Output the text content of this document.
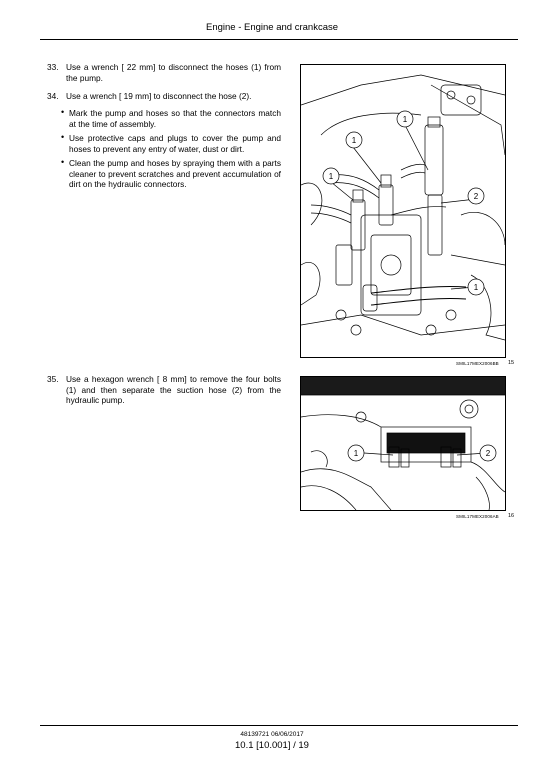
Engine - Engine and crankcase
33. Use a wrench [ 22 mm] to disconnect the hoses (1) from the pump.
34. Use a wrench [ 19 mm] to disconnect the hose (2).
• Mark the pump and hoses so that the connectors match at the time of assembly.
• Use protective caps and plugs to cover the pump and hoses to prevent any entry of water, dust or dirt.
• Clean the pump and hoses by spraying them with a parts cleaner to prevent scratches and prevent accumulation of dirt on the hydraulic connectors.
1
1
1
2
1
SMIL17MEX2006BB 15
35. Use a hexagon wrench [ 8 mm] to remove the four bolts (1) and then separate the suction hose (2) from the hydraulic pump.
1	2
SMIL17MEX2006AB 16
48139721 06/06/2017
10.1 [10.001] / 19
